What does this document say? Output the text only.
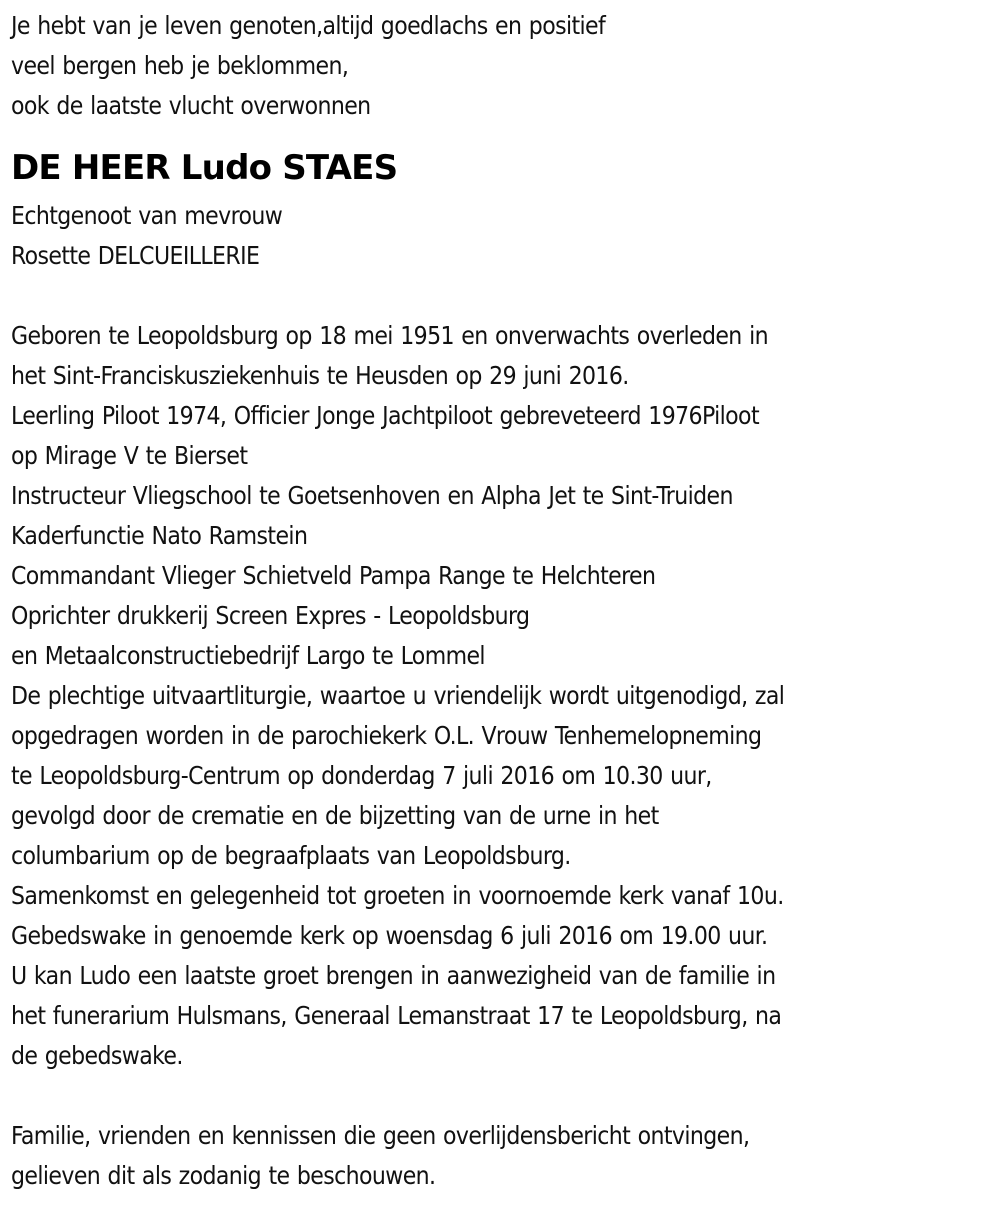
Je hebt van je leven genoten,altijd goedlachs en positief
veel bergen heb je beklommen,
ook de laatste vlucht overwonnen
DE HEER Ludo STAES
Echtgenoot van mevrouw
Rosette DELCUEILLERIE
Geboren te Leopoldsburg op 18 mei 1951 en onverwachts overleden in
het Sint-Franciskusziekenhuis te Heusden op 29 juni 2016.
Leerling Piloot 1974, Officier Jonge Jachtpiloot gebreveteerd 1976Piloot
op Mirage V te Bierset
Instructeur Vliegschool te Goetsenhoven en Alpha Jet te Sint-Truiden
Kaderfunctie Nato Ramstein
Commandant Vlieger Schietveld Pampa Range te Helchteren
Oprichter drukkerij Screen Expres - Leopoldsburg
en Metaalconstructiebedrijf Largo te Lommel
De plechtige uitvaartliturgie, waartoe u vriendelijk wordt uitgenodigd, zal
opgedragen worden in de parochiekerk O.L. Vrouw Tenhemelopneming
te Leopoldsburg-Centrum op donderdag 7 juli 2016 om 10.30 uur,
gevolgd door de crematie en de bijzetting van de urne in het
columbarium op de begraafplaats van Leopoldsburg.
Samenkomst en gelegenheid tot groeten in voornoemde kerk vanaf 10u.
Gebedswake in genoemde kerk op woensdag 6 juli 2016 om 19.00 uur.
U kan Ludo een laatste groet brengen in aanwezigheid van de familie in
het funerarium Hulsmans, Generaal Lemanstraat 17 te Leopoldsburg, na
de gebedswake.
Familie, vrienden en kennissen die geen overlijdensbericht ontvingen,
gelieven dit als zodanig te beschouwen.
